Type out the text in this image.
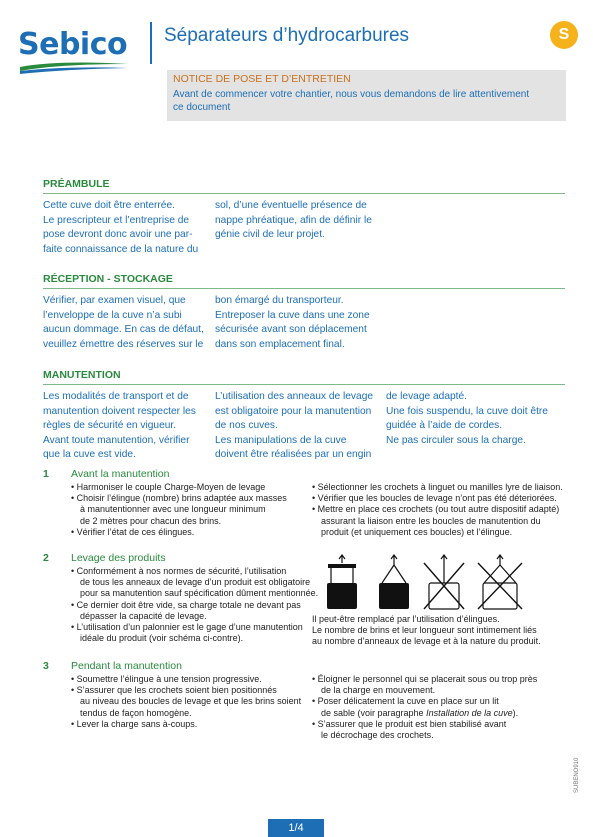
Sebico Séparateurs d’hydrocarbures	S
NOTICE DE POSE ET D’ENTRETIEN
Avant de commencer votre chantier, nous vous demandons de lire attentivement
ce document
PRÉAMBULE

Cette cuve doit être enterrée.

Le prescripteur et l’entreprise de

pose devront donc avoir une par-

faite connaissance de la nature du

sol, d’une éventuelle présence de

nappe phréatique, afin de définir le

génie civil de leur projet.

RÉCEPTION - STOCKAGE

Vérifier, par examen visuel, que

l’enveloppe de la cuve n’a subi

aucun dommage. En cas de défaut,

veuillez émettre des réserves sur le

bon émargé du transporteur.

Entreposer la cuve dans une zone

sécurisée avant son déplacement

dans son emplacement final.

MANUTENTION

Les modalités de transport et de

manutention doivent respecter les

règles de sécurité en vigueur.

Avant toute manutention, vérifier

que la cuve est vide.

L’utilisation des anneaux de levage

est obligatoire pour la manutention

de nos cuves.

Les manipulations de la cuve

doivent être réalisées par un engin

de levage adapté.

Une fois suspendu, la cuve doit être

guidée à l’aide de cordes.

Ne pas circuler sous la charge.

1 Avant la manutention

• Harmoniser le couple Charge-Moyen de levage

• Choisir l’élingue (nombre) brins adaptée aux masses

à manutentionner avec une longueur minimum

de 2 mètres pour chacun des brins.

• Vérifier l’état de ces élingues.

• Sélectionner les crochets à linguet ou manilles lyre de liaison.

• Vérifier que les boucles de levage n’ont pas été déteriorées.

• Mettre en place ces crochets (ou tout autre dispositif adapté)

assurant la liaison entre les boucles de manutention du

produit (et uniquement ces boucles) et l’élingue.

2 Levage des produits

• Conformément à nos normes de sécurité, l’utilisation

de tous les anneaux de levage d’un produit est obligatoire

pour sa manutention sauf spécification dûment mentionnée.

• Ce dernier doit être vide, sa charge totale ne devant pas

dépasser la capacité de levage.

• L’utilisation d’un palonnier est le gage d’une manutention

idéale du produit (voir schéma ci-contre).

Il peut-être remplacé par l’utilisation d’élingues.

Le nombre de brins et leur longueur sont intimement liés

au nombre d’anneaux de levage et à la nature du produit.

3 Pendant la manutention

• Soumettre l’élingue à une tension progressive.

• S’assurer que les crochets soient bien positionnés

au niveau des boucles de levage et que les brins soient

tendus de façon homogène.

• Lever la charge sans à-coups.

• Éloigner le personnel qui se placerait sous ou trop près

de la charge en mouvement.

• Poser délicatement la cuve en place sur un lit

de sable (voir paragraphe Installation de la cuve).

• S’assurer que le produit est bien stabilisé avant

le décrochage des crochets.

1/4
SUBENO910
